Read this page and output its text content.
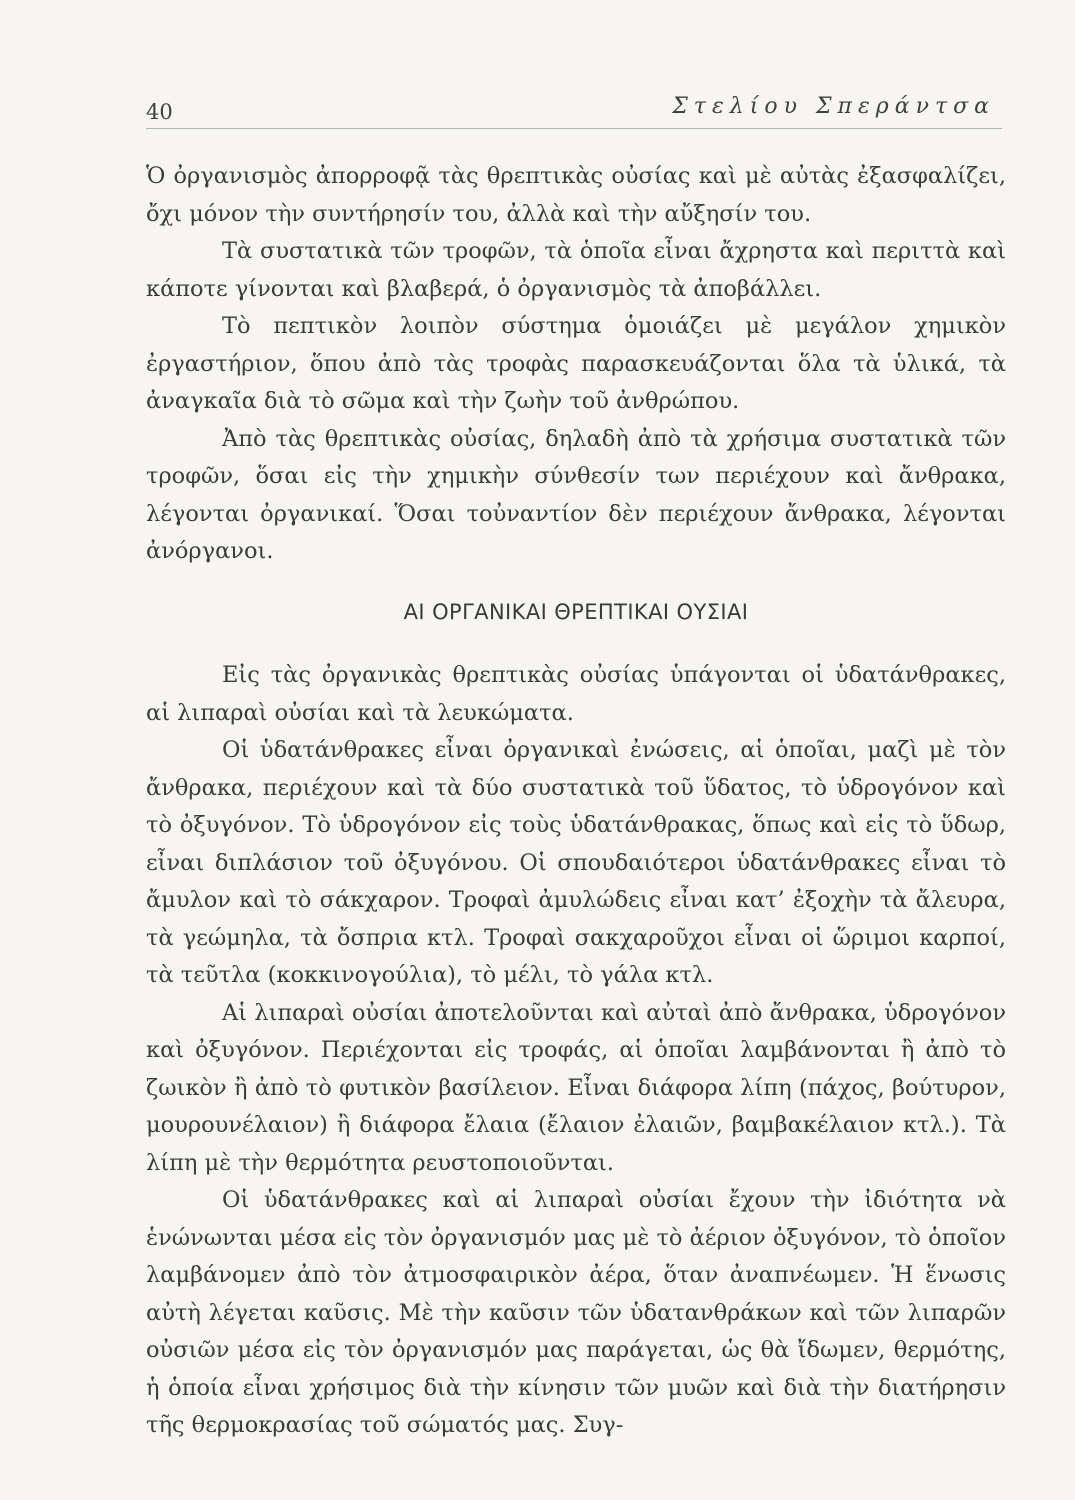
40	Στελίου Σπεράντσα

Ὁ ὀργανισμὸς ἀπορροφᾷ τὰς θρεπτικὰς οὐσίας καὶ μὲ αὐτὰς ἐξασφαλίζει, ὄχι μόνον τὴν συντήρησίν του, ἀλλὰ καὶ τὴν αὔξησίν του.

Τὰ συστατικὰ τῶν τροφῶν, τὰ ὁποῖα εἶναι ἄχρηστα καὶ περιττὰ καὶ κάποτε γίνονται καὶ βλαβερά, ὁ ὀργανισμὸς τὰ ἀποβάλλει.

Τὸ πεπτικὸν λοιπὸν σύστημα ὁμοιάζει μὲ μεγάλον χημικὸν ἐργαστήριον, ὅπου ἀπὸ τὰς τροφὰς παρασκευάζονται ὅλα τὰ ὑλικά, τὰ ἀναγκαῖα διὰ τὸ σῶμα καὶ τὴν ζωὴν τοῦ ἀνθρώπου.

Ἀπὸ τὰς θρεπτικὰς οὐσίας, δηλαδὴ ἀπὸ τὰ χρήσιμα συστατικὰ τῶν τροφῶν, ὅσαι εἰς τὴν χημικὴν σύνθεσίν των περιέχουν καὶ ἄνθρακα, λέγονται ὀργανικαί. Ὅσαι τοὐναντίον δὲν περιέχουν ἄνθρακα, λέγονται ἀνόργανοι.

ΑΙ ΟΡΓΑΝΙΚΑΙ ΘΡΕΠΤΙΚΑΙ ΟΥΣΙΑΙ

Εἰς τὰς ὀργανικὰς θρεπτικὰς οὐσίας ὑπάγονται οἱ ὑδατάνθρακες, αἱ λιπαραὶ οὐσίαι καὶ τὰ λευκώματα.

Οἱ ὑδατάνθρακες εἶναι ὀργανικαὶ ἐνώσεις, αἱ ὁποῖαι, μαζὶ μὲ τὸν ἄνθρακα, περιέχουν καὶ τὰ δύο συστατικὰ τοῦ ὕδατος, τὸ ὑδρογόνον καὶ τὸ ὀξυγόνον. Τὸ ὑδρογόνον εἰς τοὺς ὑδατάνθρακας, ὅπως καὶ εἰς τὸ ὕδωρ, εἶναι διπλάσιον τοῦ ὀξυγόνου. Οἱ σπουδαιότεροι ὑδατάνθρακες εἶναι τὸ ἄμυλον καὶ τὸ σάκχαρον. Τροφαὶ ἀμυλώδεις εἶναι κατ’ ἐξοχὴν τὰ ἄλευρα, τὰ γεώμηλα, τὰ ὄσπρια κτλ. Τροφαὶ σακχαροῦχοι εἶναι οἱ ὥριμοι καρποί, τὰ τεῦτλα (κοκκινογούλια), τὸ μέλι, τὸ γάλα κτλ.

Αἱ λιπαραὶ οὐσίαι ἀποτελοῦνται καὶ αὐταὶ ἀπὸ ἄνθρακα, ὑδρογόνον καὶ ὀξυγόνον. Περιέχονται εἰς τροφάς, αἱ ὁποῖαι λαμβάνονται ἢ ἀπὸ τὸ ζωικὸν ἢ ἀπὸ τὸ φυτικὸν βασίλειον. Εἶναι διάφορα λίπη (πάχος, βούτυρον, μουρουνέλαιον) ἢ διάφορα ἔλαια (ἔλαιον ἐλαιῶν, βαμβακέλαιον κτλ.). Τὰ λίπη μὲ τὴν θερμότητα ρευστοποιοῦνται.

Οἱ ὑδατάνθρακες καὶ αἱ λιπαραὶ οὐσίαι ἔχουν τὴν ἰδιότητα νὰ ἑνώνωνται μέσα εἰς τὸν ὀργανισμόν μας μὲ τὸ ἀέριον ὀξυγόνον, τὸ ὁποῖον λαμβάνομεν ἀπὸ τὸν ἀτμοσφαιρικὸν ἀέρα, ὅταν ἀναπνέωμεν. Ἡ ἕνωσις αὐτὴ λέγεται καῦσις. Μὲ τὴν καῦσιν τῶν ὑδατανθράκων καὶ τῶν λιπαρῶν οὐσιῶν μέσα εἰς τὸν ὀργανισμόν μας παράγεται, ὡς θὰ ἴδωμεν, θερμότης, ἡ ὁποία εἶναι χρήσιμος διὰ τὴν κίνησιν τῶν μυῶν καὶ διὰ τὴν διατήρησιν τῆς θερμοκρασίας τοῦ σώματός μας. Συγ-
